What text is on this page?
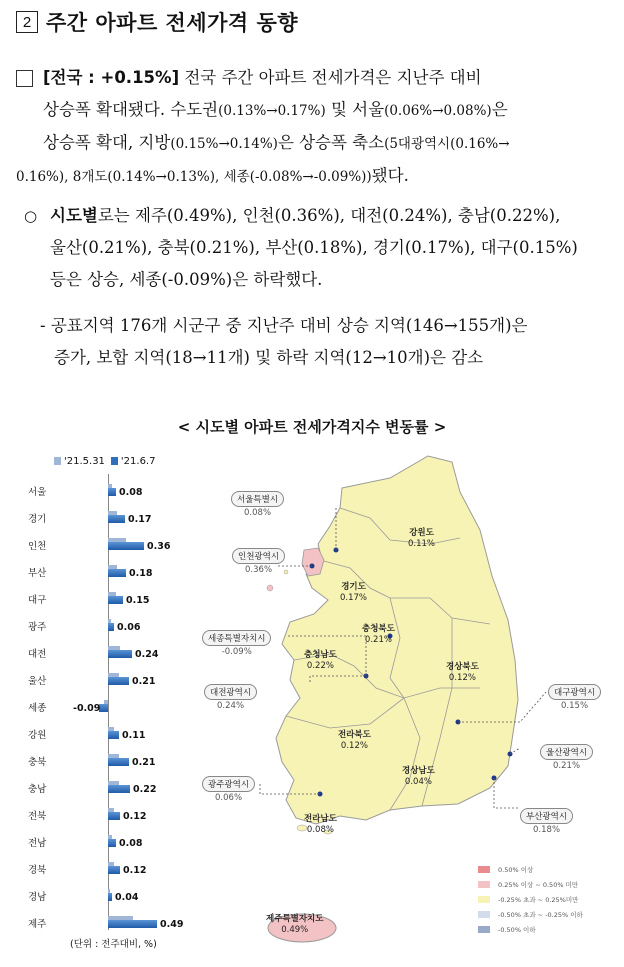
2 주간 아파트 전세가격 동향
[전국 : +0.15%] 전국 주간 아파트 전세가격은 지난주 대비
상승폭 확대됐다. 수도권(0.13%→0.17%) 및 서울(0.06%→0.08%)은
상승폭 확대, 지방(0.15%→0.14%)은 상승폭 축소(5대광역시(0.16%→
0.16%), 8개도(0.14%→0.13%), 세종(-0.08%→-0.09%))됐다.
○ 시도별로는 제주(0.49%), 인천(0.36%), 대전(0.24%), 충남(0.22%),
울산(0.21%), 충북(0.21%), 부산(0.18%), 경기(0.17%), 대구(0.15%)
등은 상승, 세종(-0.09%)은 하락했다.
- 공표지역 176개 시군구 중 지난주 대비 상승 지역(146→155개)은
증가, 보합 지역(18→11개) 및 하락 지역(12→10개)은 감소
< 시도별 아파트 전세가격지수 변동률 >
'21.5.31	'21.6.7
서울	0.08
경기	0.17
인천	0.36
부산	0.18
대구	0.15
광주	0.06
대전	0.24
울산	0.21
세종	-0.09
강원	0.11
충북	0.21
충남	0.22
전북	0.12
전남	0.08
경북	0.12
경남	0.04
제주	0.49
(단위 : 전주대비, %)
서울특별시
0.08%
인천광역시
0.36%
경기도
0.17%
강원도
0.11%
충청북도
0.21%
세종특별자치시
-0.09%	충청남도
0.22%
대전광역시
0.24%
경상북도
0.12%
대구광역시
0.15%
전라북도
0.12%
울산광역시
0.21%
경상남도
0.04%
광주광역시
0.06%
부산광역시
0.18%
전라남도
0.08%
제주특별자치도
0.49%
0.50% 이상
0.25% 이상 ~ 0.50% 미만
-0.25% 초과 ~ 0.25%미만
-0.50% 초과 ~ -0.25% 이하
-0.50% 이하
